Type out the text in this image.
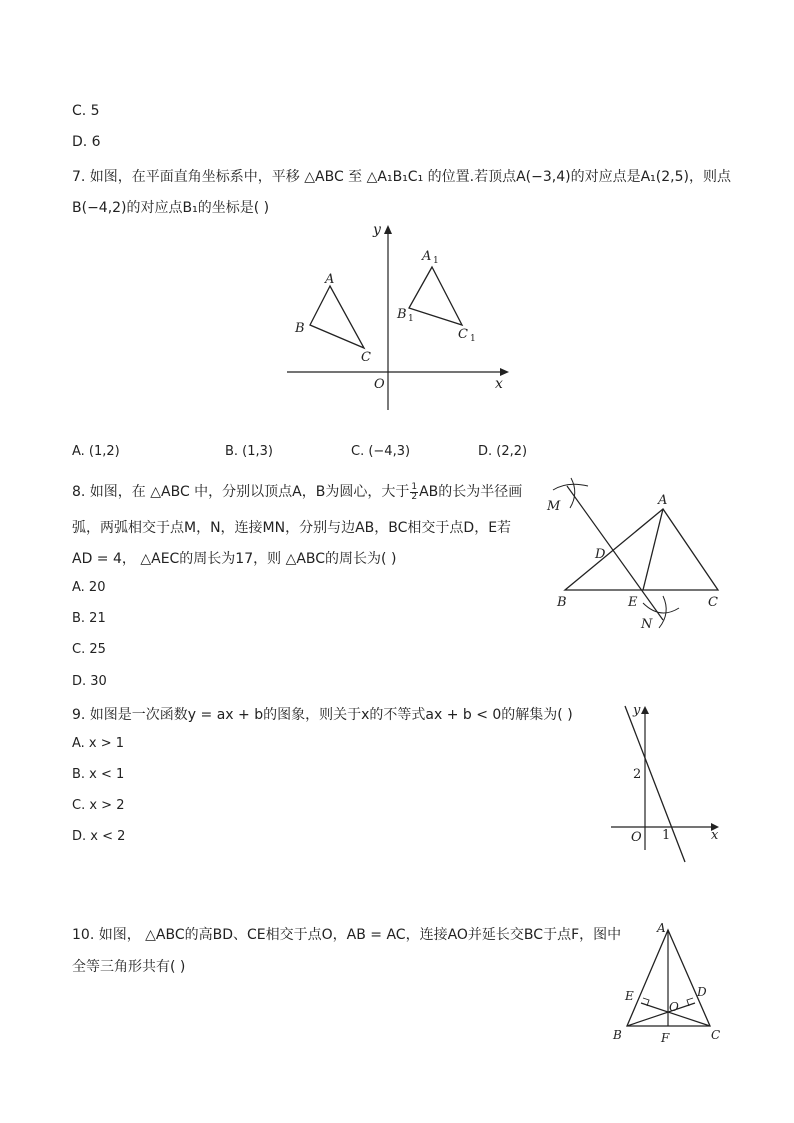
C. 5
D. 6
7. 如图，在平面直角坐标系中，平移 △ABC 至 △A₁B₁C₁ 的位置.若顶点A(−3,4)的对应点是A₁(2,5)，则点
B(−4,2)的对应点B₁的坐标是( )
y
x
O
A
B
C
A 1
B 1
C 1
A. (1,2)	B. (1,3)	C. (−4,3)	D. (2,2)
8. 如图，在 △ABC 中，分别以顶点A，B为圆心，大于 $\frac{1}{2}$ AB的长为半径画
弧，两弧相交于点M，N，连接MN，分别与边AB，BC相交于点D，E若
AD = 4， △AEC的周长为17，则 △ABC的周长为( )
A. 20
B. 21
C. 25
D. 30
M	A
D
B	E	C
N
9. 如图是一次函数y = ax + b的图象，则关于x的不等式ax + b < 0的解集为( )
A. x > 1
B. x < 1
C. x > 2
D. x < 2
y
x
O
2
1
10. 如图， △ABC的高BD、CE相交于点O，AB = AC，连接AO并延长交BC于点F，图中
全等三角形共有( )
A
E
O
D
B	F	C
